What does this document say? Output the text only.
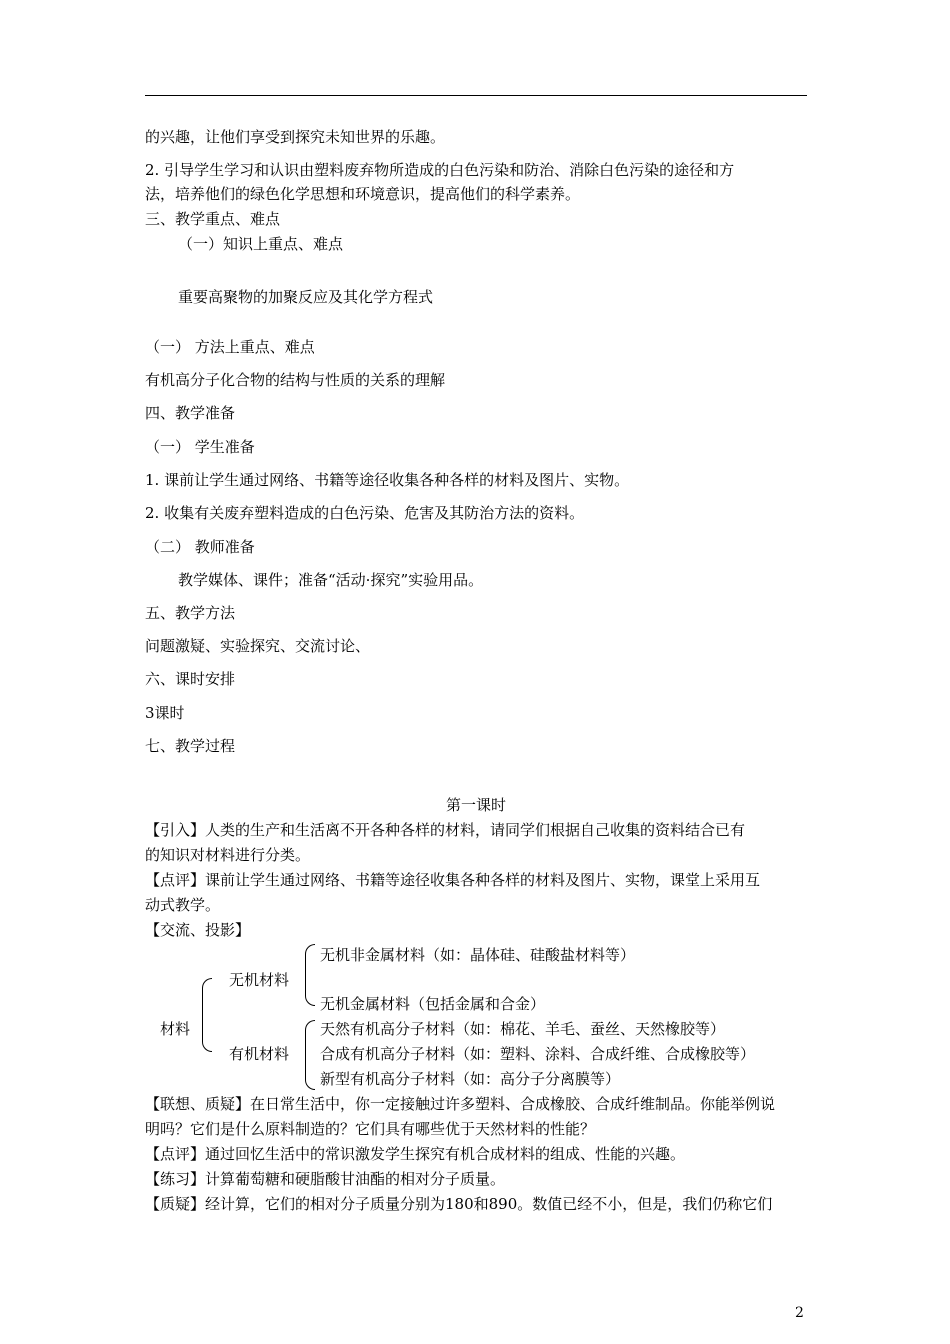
的兴趣，让他们享受到探究未知世界的乐趣。
2. 引导学生学习和认识由塑料废弃物所造成的白色污染和防治、消除白色污染的途径和方
法，培养他们的绿色化学思想和环境意识，提高他们的科学素养。
三、教学重点、难点
（一）知识上重点、难点
重要高聚物的加聚反应及其化学方程式
（一） 方法上重点、难点
有机高分子化合物的结构与性质的关系的理解
四、教学准备
（一） 学生准备
1. 课前让学生通过网络、书籍等途径收集各种各样的材料及图片、实物。
2. 收集有关废弃塑料造成的白色污染、危害及其防治方法的资料。
（二） 教师准备
教学媒体、课件；准备“活动·探究”实验用品。
五、教学方法
问题激疑、实验探究、交流讨论、
六、课时安排
3课时
七、教学过程
第一课时
【引入】人类的生产和生活离不开各种各样的材料，请同学们根据自己收集的资料结合已有
的知识对材料进行分类。
【点评】课前让学生通过网络、书籍等途径收集各种各样的材料及图片、实物，课堂上采用互
动式教学。
【交流、投影】
材料
无机材料
有机材料
无机非金属材料（如：晶体硅、硅酸盐材料等）
无机金属材料（包括金属和合金）
天然有机高分子材料（如：棉花、羊毛、蚕丝、天然橡胶等）
合成有机高分子材料（如：塑料、涂料、合成纤维、合成橡胶等）
新型有机高分子材料（如：高分子分离膜等）
【联想、质疑】在日常生活中，你一定接触过许多塑料、合成橡胶、合成纤维制品。你能举例说
明吗？它们是什么原料制造的？它们具有哪些优于天然材料的性能？
【点评】通过回忆生活中的常识激发学生探究有机合成材料的组成、性能的兴趣。
【练习】计算葡萄糖和硬脂酸甘油酯的相对分子质量。
【质疑】经计算，它们的相对分子质量分别为180和890。数值已经不小，但是，我们仍称它们
2
